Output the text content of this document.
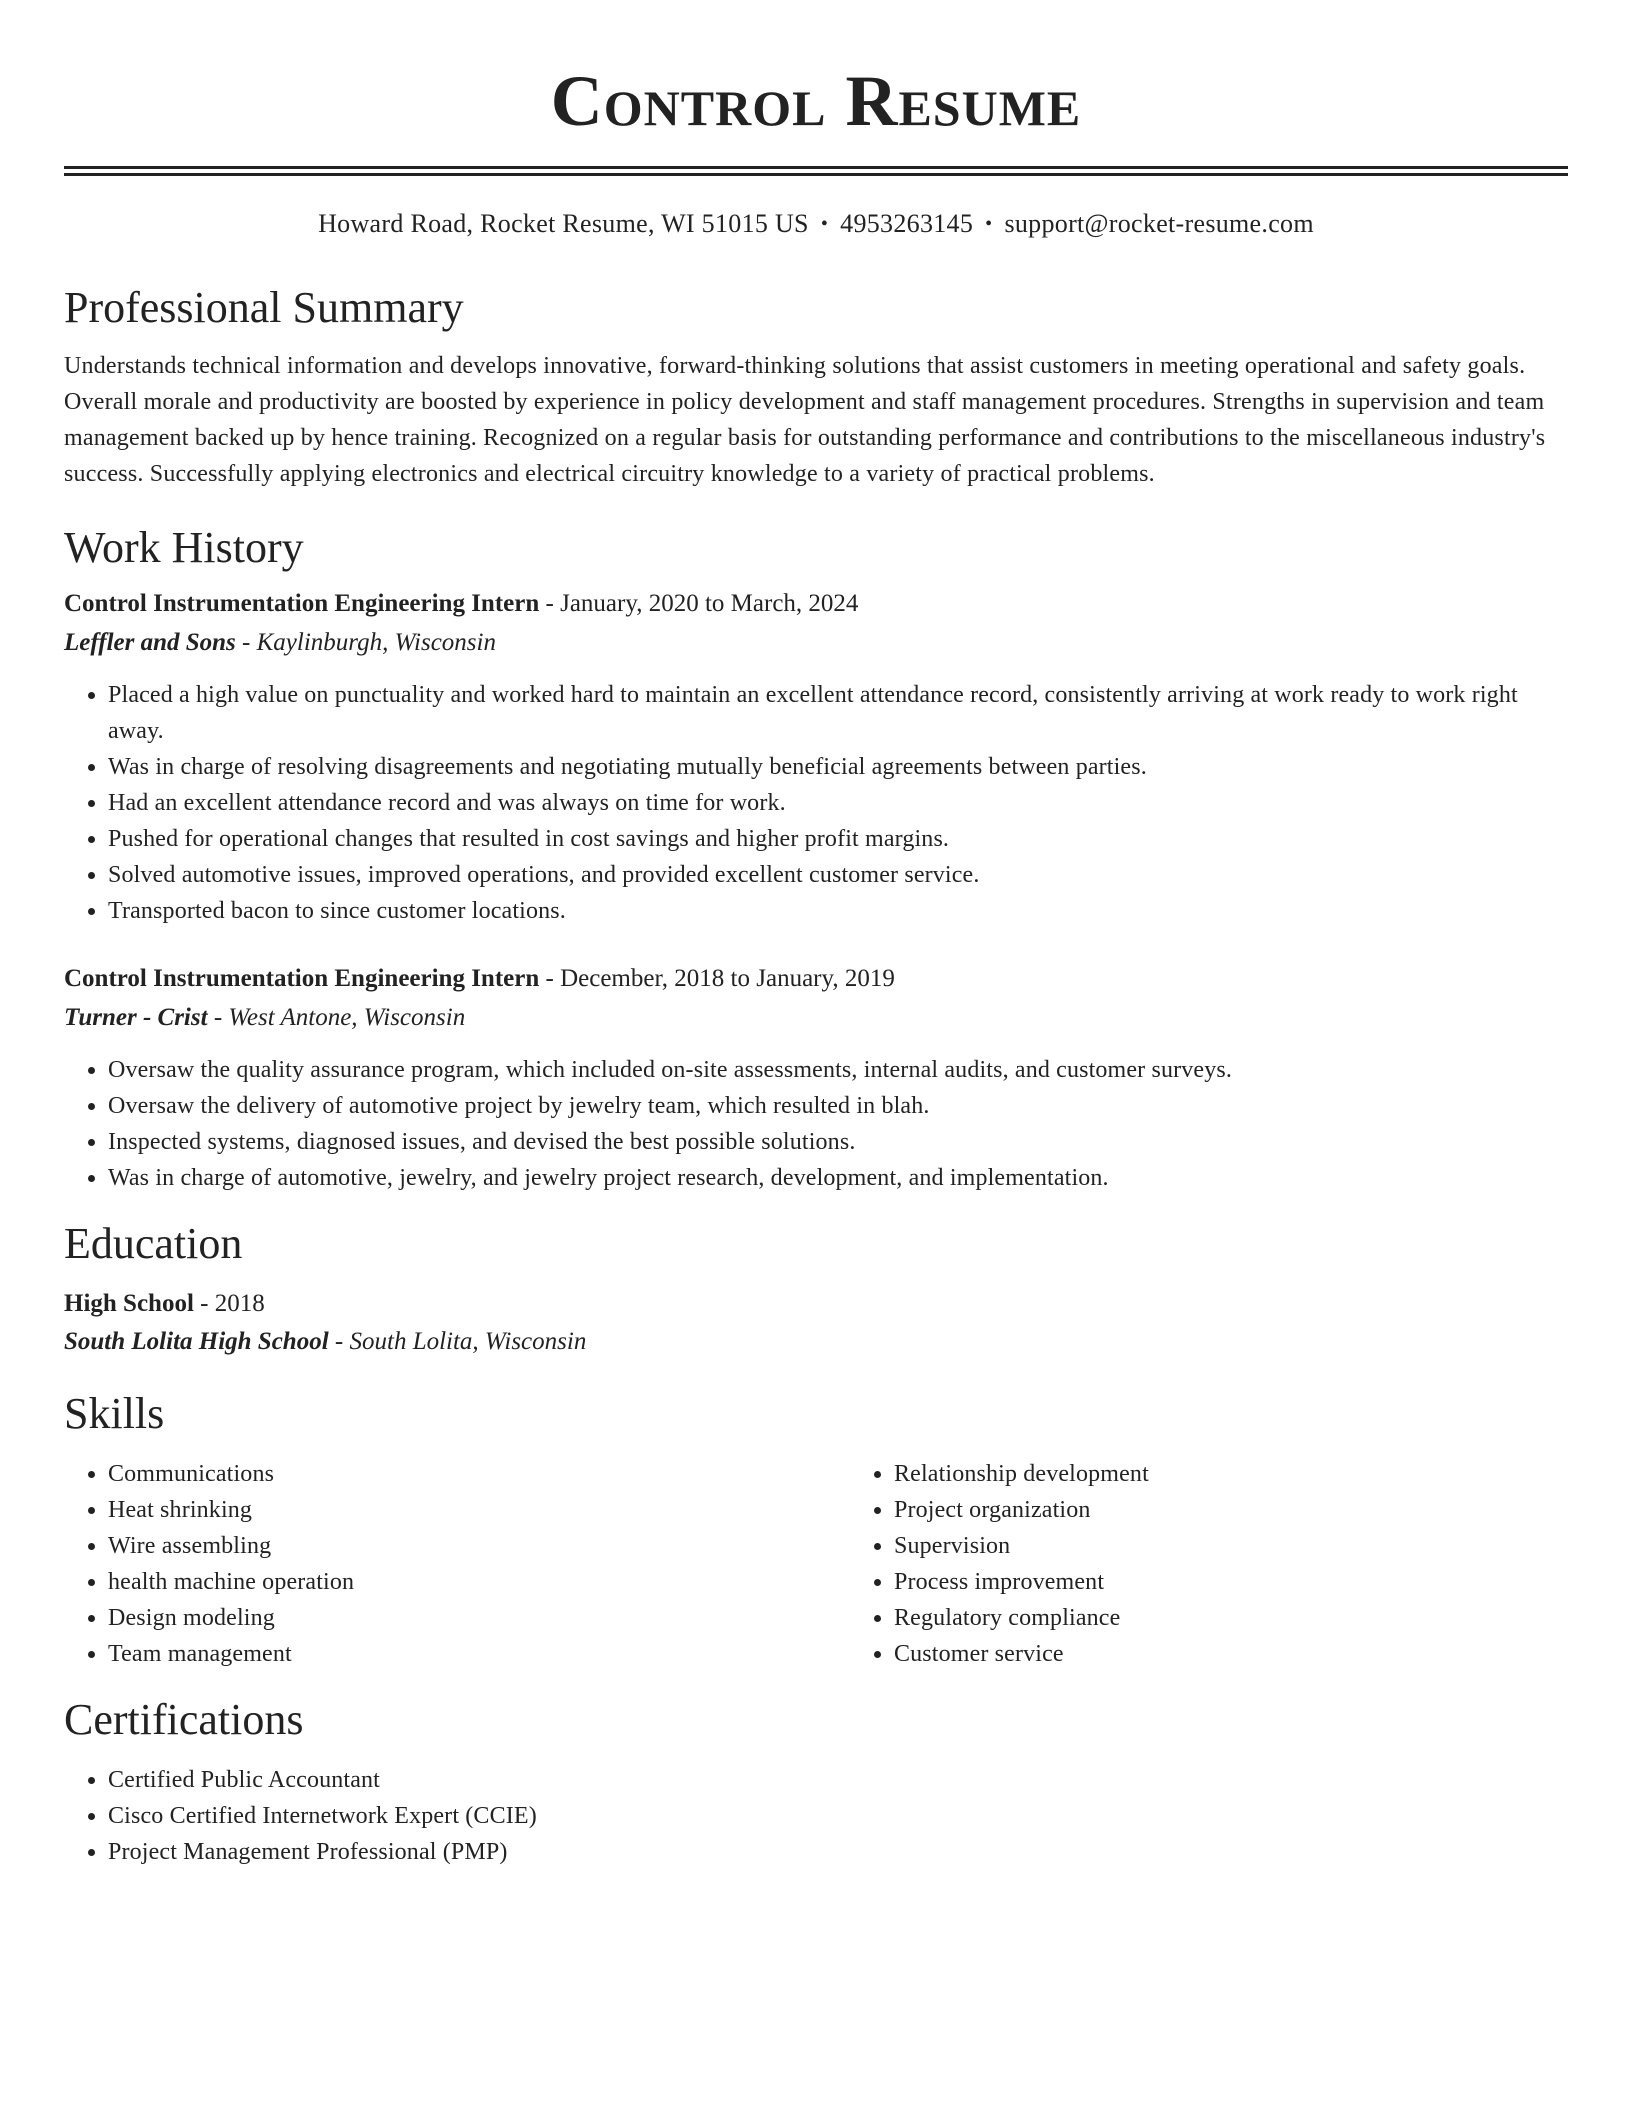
Control Resume
Howard Road, Rocket Resume, WI 51015 US • 4953263145 • support@rocket-resume.com
Professional Summary

Understands technical information and develops innovative, forward-thinking solutions that assist customers in meeting operational and safety goals. Overall morale and productivity are boosted by experience in policy development and staff management procedures. Strengths in supervision and team management backed up by hence training. Recognized on a regular basis for outstanding performance and contributions to the miscellaneous industry's success. Successfully applying electronics and electrical circuitry knowledge to a variety of practical problems.

Work History
Control Instrumentation Engineering Intern - January, 2020 to March, 2024
Leffler and Sons - Kaylinburgh, Wisconsin
• Placed a high value on punctuality and worked hard to maintain an excellent attendance record, consistently arriving at work ready to work right away.
• Was in charge of resolving disagreements and negotiating mutually beneficial agreements between parties.
• Had an excellent attendance record and was always on time for work.
• Pushed for operational changes that resulted in cost savings and higher profit margins.
• Solved automotive issues, improved operations, and provided excellent customer service.
• Transported bacon to since customer locations.
Control Instrumentation Engineering Intern - December, 2018 to January, 2019
Turner - Crist - West Antone, Wisconsin
• Oversaw the quality assurance program, which included on-site assessments, internal audits, and customer surveys.
• Oversaw the delivery of automotive project by jewelry team, which resulted in blah.
• Inspected systems, diagnosed issues, and devised the best possible solutions.
• Was in charge of automotive, jewelry, and jewelry project research, development, and implementation.
Education
High School - 2018
South Lolita High School - South Lolita, Wisconsin
Skills
• Communications
• Heat shrinking
• Wire assembling
• health machine operation
• Design modeling
• Team management
• Relationship development
• Project organization
• Supervision
• Process improvement
• Regulatory compliance
• Customer service
Certifications
• Certified Public Accountant
• Cisco Certified Internetwork Expert (CCIE)
• Project Management Professional (PMP)
